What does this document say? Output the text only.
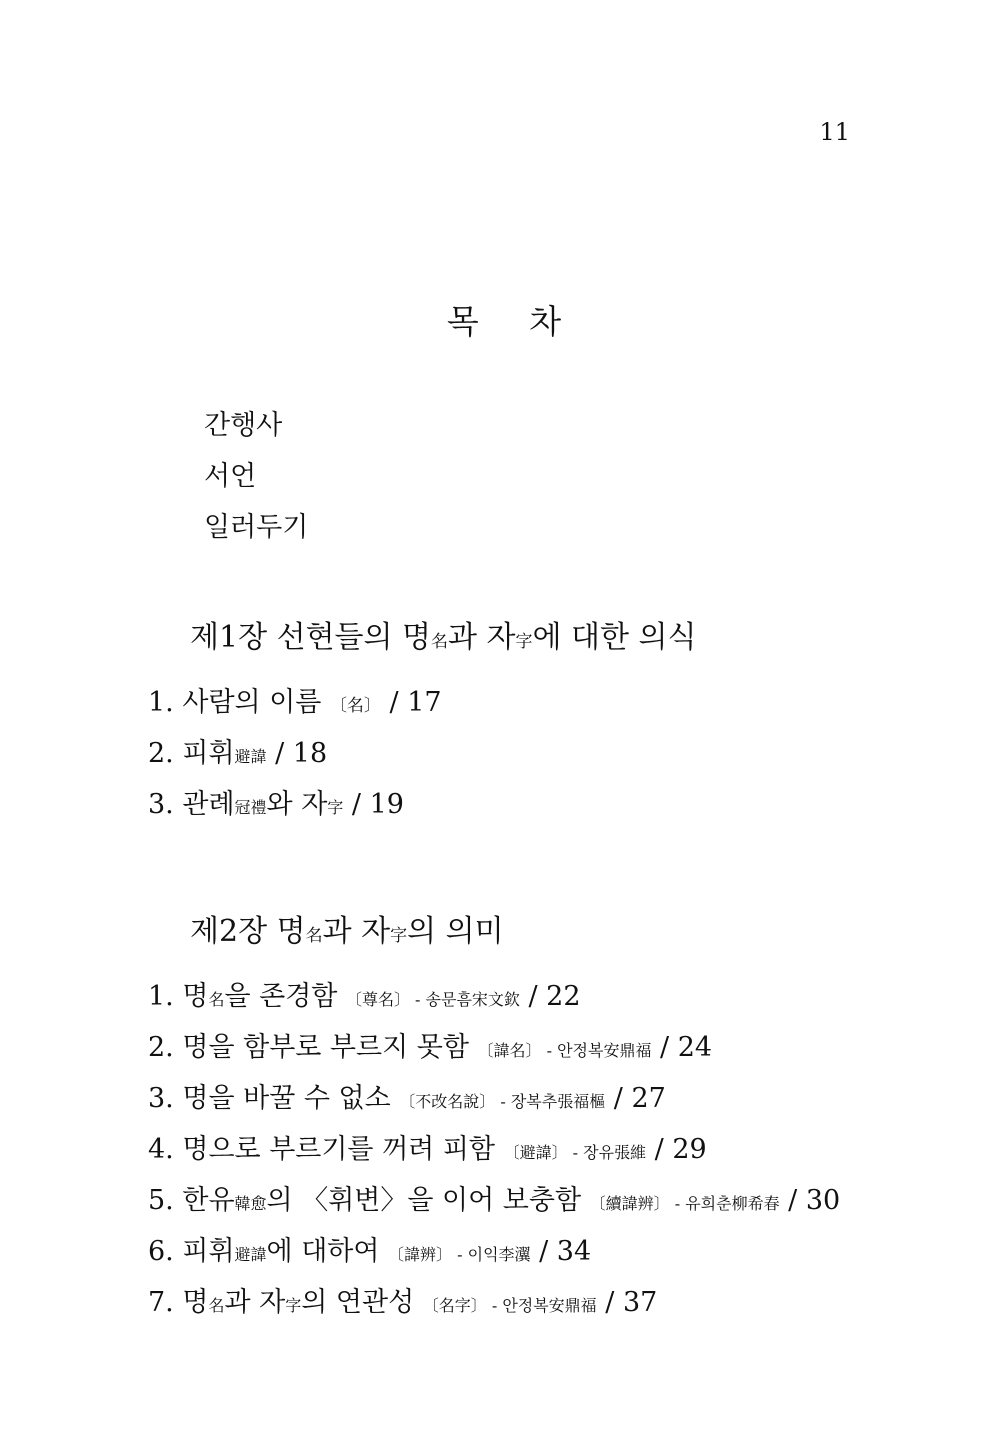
11
목 차
간행사
서언
일러두기
제1장 선현들의 명名과 자字에 대한 의식
1. 사람의 이름 〔名〕 / 17
2. 피휘避諱 / 18
3. 관례冠禮와 자字 / 19
제2장 명名과 자字의 의미
1. 명名을 존경함 〔尊名〕 - 송문흠宋文欽 / 22
2. 명을 함부로 부르지 못함 〔諱名〕 - 안정복安鼎福 / 24
3. 명을 바꿀 수 없소 〔不改名說〕 - 장복추張福樞 / 27
4. 명으로 부르기를 꺼려 피함 〔避諱〕 - 장유張維 / 29
5. 한유韓愈의 〈휘변〉을 이어 보충함 〔續諱辨〕 - 유희춘柳希春 / 30
6. 피휘避諱에 대하여 〔諱辨〕 - 이익李瀷 / 34
7. 명名과 자字의 연관성 〔名字〕 - 안정복安鼎福 / 37
